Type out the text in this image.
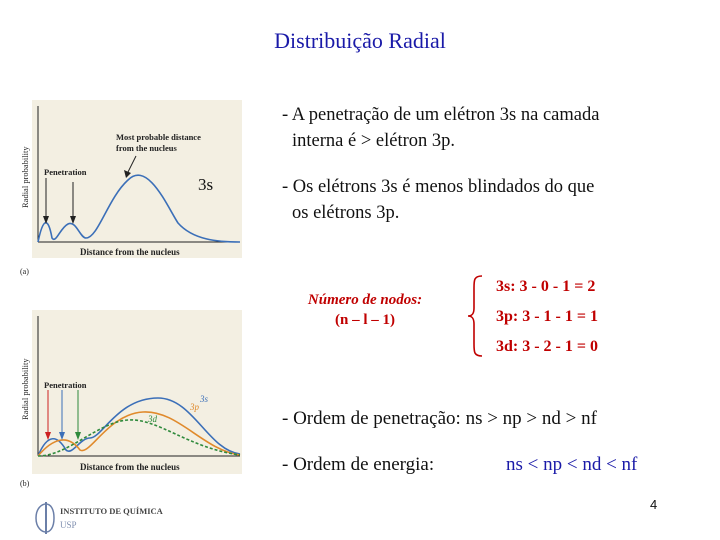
Distribuição Radial
Radial probability
Distance from the nucleus
Most probable distance
from the nucleus
Penetration
3s
(a)
Radial probability
Distance from the nucleus
Penetration
3s
3p
3d
(b)
- A penetração de um elétron 3s na camada
interna é > elétron 3p.
- Os elétrons 3s é menos blindados do que
os elétrons 3p.
Número de nodos:
(n – l – 1)
3s: 3 - 0 - 1 = 2
3p: 3 - 1 - 1 = 1
3d: 3 - 2 - 1 = 0
- Ordem de penetração: ns > np > nd > nf
- Ordem de energia:	ns < np < nd < nf
INSTITUTO DE QUÍMICA
USP
4
